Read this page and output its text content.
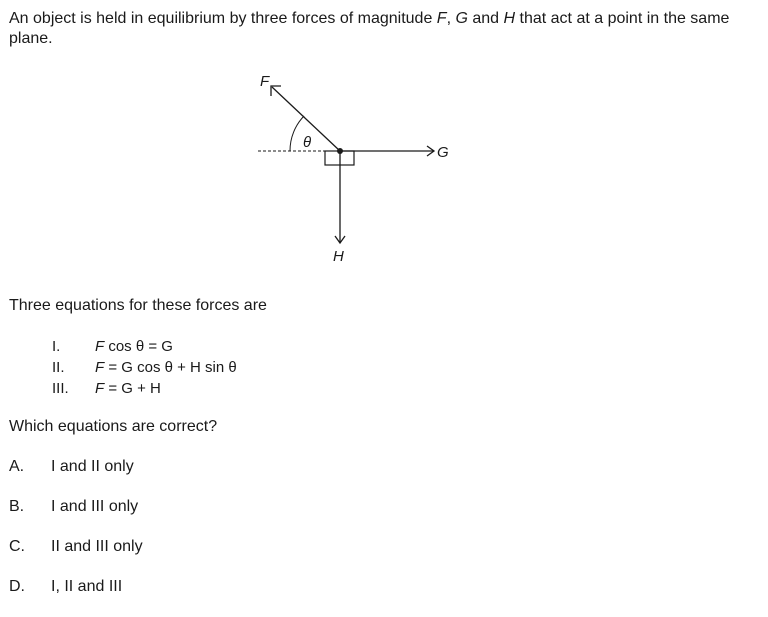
An object is held in equilibrium by three forces of magnitude F, G and H that act at a point in the same plane.
F
θ
G
H
Three equations for these forces are
I.	F cos θ = G
II.	F = G cos θ + H sin θ
III.	F = G + H
Which equations are correct?
A.	I and II only
B.	I and III only
C.	II and III only
D.	I, II and III
